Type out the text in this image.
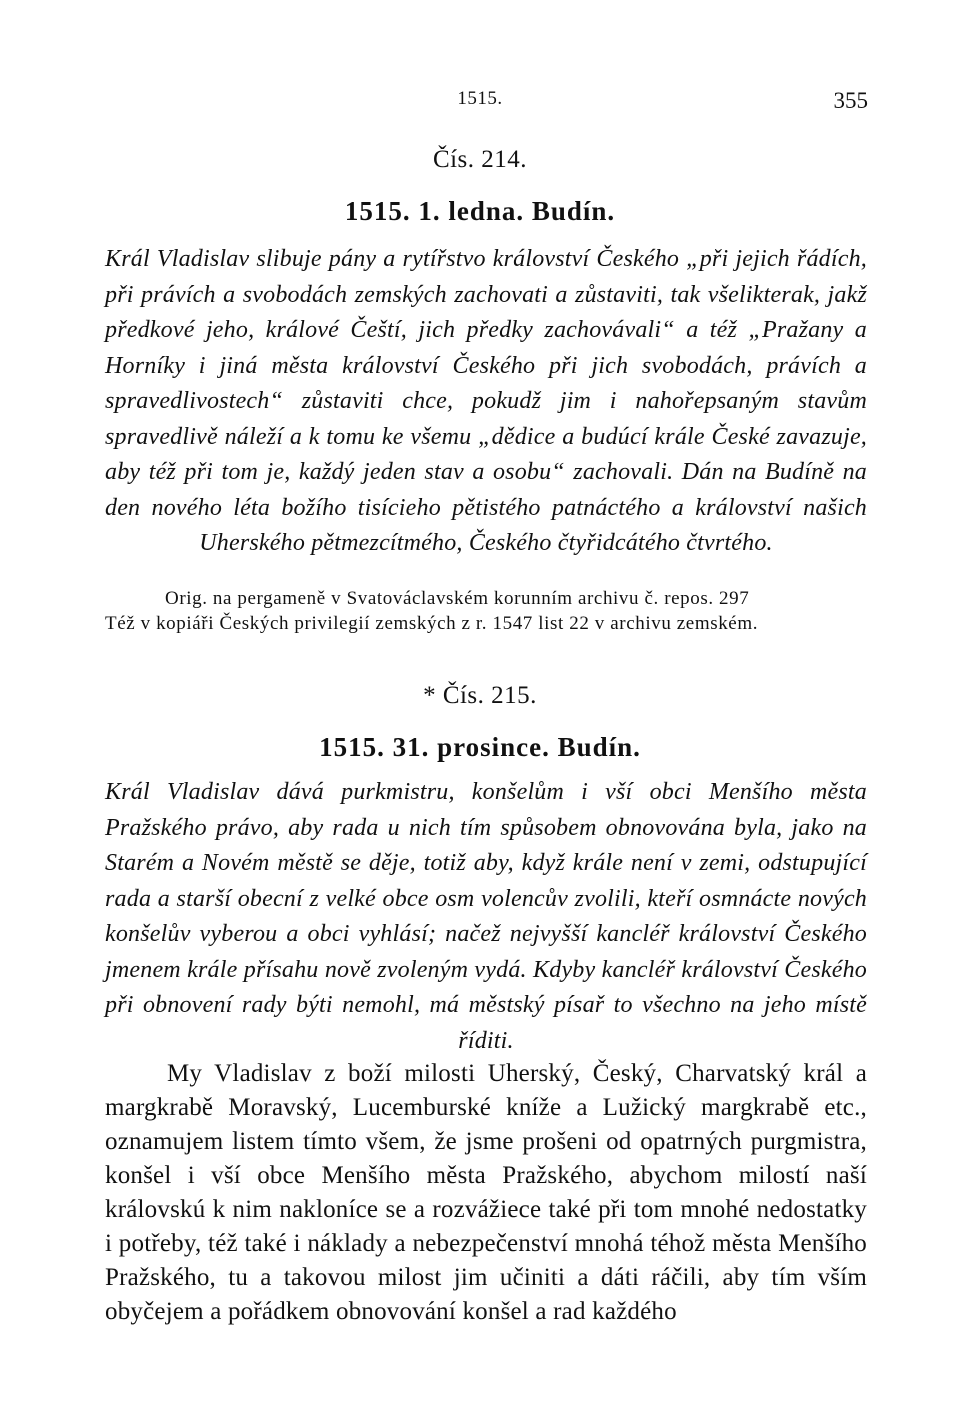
1515.	355
Čís. 214.
1515. 1. ledna. Budín.
Král Vladislav slibuje pány a rytířstvo království Českého „při jejich řádích, při právích a svobodách zemských zachovati a zůstaviti, tak všelikterak, jakž předkové jeho, králové Čeští, jich předky zachovávali“ a též „Pražany a Horníky i jiná města království Českého při jich svobodách, právích a spravedlivostech“ zůstaviti chce, pokudž jim i nahořepsaným stavům spravedlivě náleží a k tomu ke všemu „dědice a budúcí krále České zavazuje, aby též při tom je, každý jeden stav a osobu“ zachovali. Dán na Budíně na den nového léta božího tisícieho pětistého patnáctého a království našich Uherského pětmezcítmého, Českého čtyřidcátého čtvrtého.
Orig. na pergameně v Svatováclavském korunním archivu č. repos. 297
Též v kopiáři Českých privilegií zemských z r. 1547 list 22 v archivu zemském.
* Čís. 215.
1515. 31. prosince. Budín.
Král Vladislav dává purkmistru, konšelům i vší obci Menšího města Pražského právo, aby rada u nich tím spůsobem obnovována byla, jako na Starém a Novém městě se děje, totiž aby, když krále není v zemi, odstupující rada a starší obecní z velké obce osm volencův zvolili, kteří osmnácte nových konšelův vyberou a obci vyhlásí; načež nejvyšší kancléř království Českého jmenem krále přísahu nově zvoleným vydá. Kdyby kancléř království Českého při obnovení rady býti nemohl, má městský písař to všechno na jeho místě říditi.
My Vladislav z boží milosti Uherský, Český, Charvatský král a margkrabě Moravský, Lucemburské kníže a Lužický margkrabě etc., oznamujem listem tímto všem, že jsme prošeni od opatrných purgmistra, konšel i vší obce Menšího města Pražského, abychom milostí naší královskú k nim nakloníce se a rozvážiece také při tom mnohé nedostatky i potřeby, též také i náklady a nebezpečenství mnohá téhož města Menšího Pražského, tu a takovou milost jim učiniti a dáti ráčili, aby tím vším obyčejem a pořádkem obnovování konšel a rad každého
